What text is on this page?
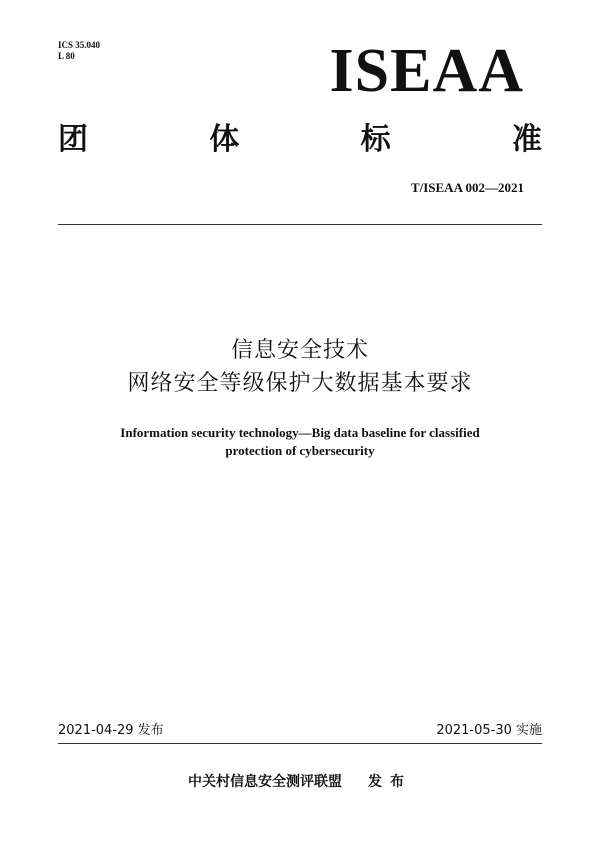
ICS 35.040
L 80	ISEAA
团	体	标	准
T/ISEAA 002—2021
信息安全技术
网络安全等级保护大数据基本要求
Information security technology—Big data baseline for classified
protection of cybersecurity
2021-04-29 发布	2021-05-30 实施
中关村信息安全测评联盟 发布
